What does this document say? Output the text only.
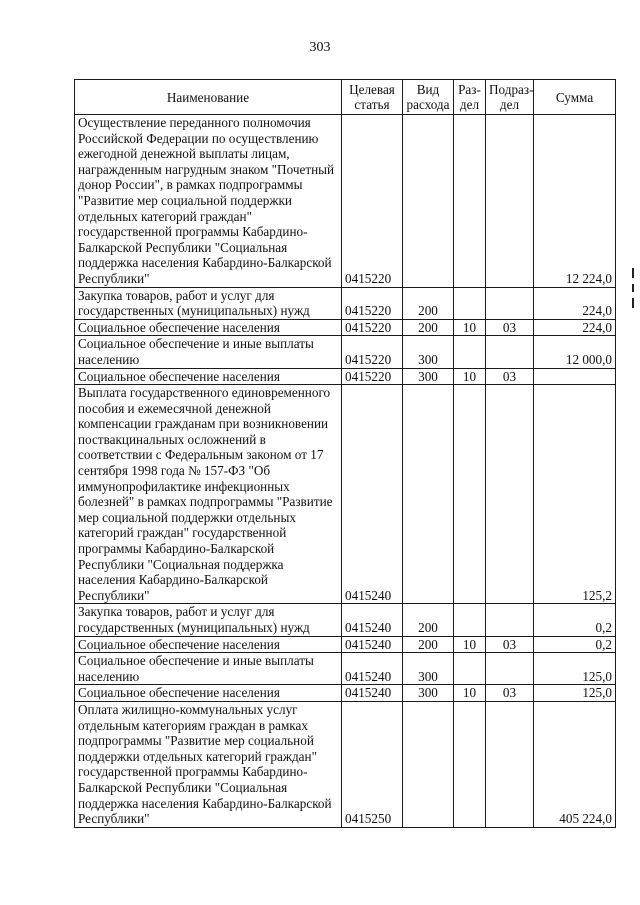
303
Наименование	Целевая статья	Вид расхода	Раз- дел	Подраз- дел	Сумма
Осуществление переданного полномочия Российской Федерации по осуществлению ежегодной денежной выплаты лицам, награжденным нагрудным знаком "Почетный донор России", в рамках подпрограммы "Развитие мер социальной поддержки отдельных категорий граждан" государственной программы Кабардино-Балкарской Республики "Социальная поддержка населения Кабардино-Балкарской Республики"	0415220				12 224,0
Закупка товаров, работ и услуг для государственных (муниципальных) нужд	0415220	200			224,0
Социальное обеспечение населения	0415220	200	10	03	224,0
Социальное обеспечение и иные выплаты населению	0415220	300			12 000,0
Социальное обеспечение населения	0415220	300	10	03	
Выплата государственного единовременного пособия и ежемесячной денежной компенсации гражданам при возникновении поствакцинальных осложнений в соответствии с Федеральным законом от 17 сентября 1998 года № 157-ФЗ "Об иммунопрофилактике инфекционных болезней" в рамках подпрограммы "Развитие мер социальной поддержки отдельных категорий граждан" государственной программы Кабардино-Балкарской Республики "Социальная поддержка населения Кабардино-Балкарской Республики"	0415240				125,2
Закупка товаров, работ и услуг для государственных (муниципальных) нужд	0415240	200			0,2
Социальное обеспечение населения	0415240	200	10	03	0,2
Социальное обеспечение и иные выплаты населению	0415240	300			125,0
Социальное обеспечение населения	0415240	300	10	03	125,0
Оплата жилищно-коммунальных услуг отдельным категориям граждан в рамках подпрограммы "Развитие мер социальной поддержки отдельных категорий граждан" государственной программы Кабардино-Балкарской Республики "Социальная поддержка населения Кабардино-Балкарской Республики"	0415250				405 224,0
